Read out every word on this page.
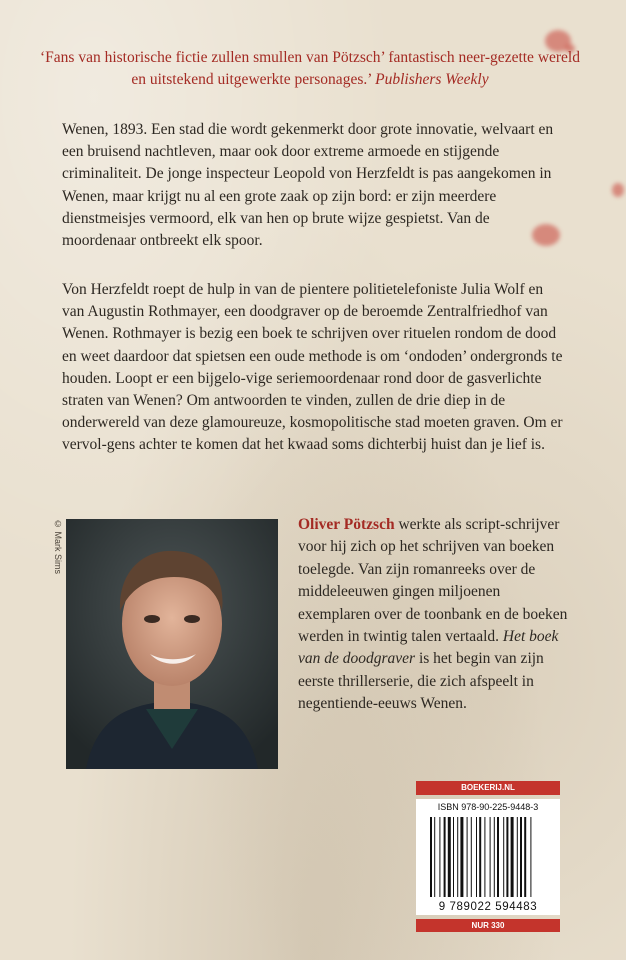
‘Fans van historische fictie zullen smullen van Pötzsch’ fantastisch neer-gezette wereld en uitstekend uitgewerkte personages.’ Publishers Weekly
Wenen, 1893. Een stad die wordt gekenmerkt door grote innovatie, welvaart en een bruisend nachtleven, maar ook door extreme armoede en stijgende criminaliteit. De jonge inspecteur Leopold von Herzfeldt is pas aangekomen in Wenen, maar krijgt nu al een grote zaak op zijn bord: er zijn meerdere dienstmeisjes vermoord, elk van hen op brute wijze gespietst. Van de moordenaar ontbreekt elk spoor.
Von Herzfeldt roept de hulp in van de pientere politietelefoniste Julia Wolf en van Augustin Rothmayer, een doodgraver op de beroemde Zentralfriedhof van Wenen. Rothmayer is bezig een boek te schrijven over rituelen rondom de dood en weet daardoor dat spietsen een oude methode is om ‘ondoden’ ondergronds te houden. Loopt er een bijgelo-vige seriemoordenaar rond door de gasverlichte straten van Wenen? Om antwoorden te vinden, zullen de drie diep in de onderwereld van deze glamoureuze, kosmopolitische stad moeten graven. Om er vervol-gens achter te komen dat het kwaad soms dichterbij huist dan je lief is.
© Mark Sims	Oliver Pötzsch werkte als script-schrijver voor hij zich op het schrijven van boeken toelegde. Van zijn romanreeks over de middeleeuwen gingen miljoenen exemplaren over de toonbank en de boeken werden in twintig talen vertaald. Het boek van de doodgraver is het begin van zijn eerste thrillerserie, die zich afspeelt in negentiende-eeuws Wenen.
BOEKERIJ.NL
ISBN 978-90-225-9448-3
9 789022 594483
NUR 330
